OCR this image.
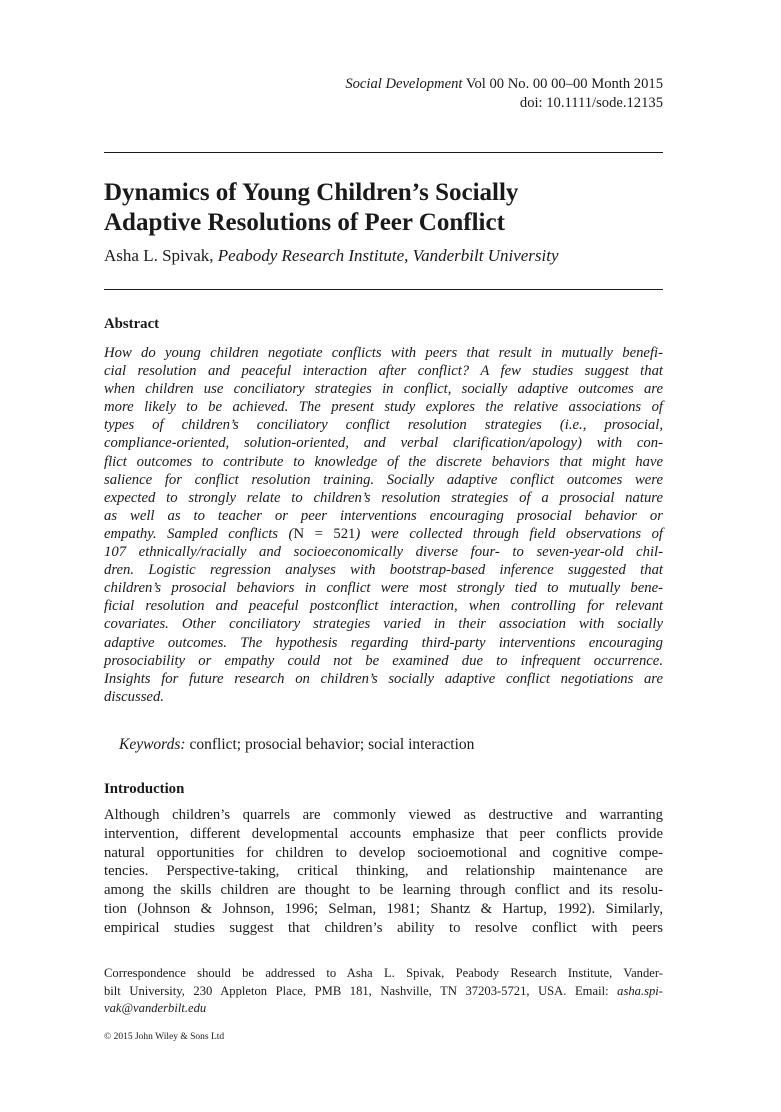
Social Development Vol 00 No. 00 00–00 Month 2015
doi: 10.1111/sode.12135
Dynamics of Young Children’s Socially
Adaptive Resolutions of Peer Conflict
Asha L. Spivak, Peabody Research Institute, Vanderbilt University
Abstract
How do young children negotiate conflicts with peers that result in mutually benefi-
cial resolution and peaceful interaction after conflict? A few studies suggest that
when children use conciliatory strategies in conflict, socially adaptive outcomes are
more likely to be achieved. The present study explores the relative associations of
types of children’s conciliatory conflict resolution strategies (i.e., prosocial,
compliance-oriented, solution-oriented, and verbal clarification/apology) with con-
flict outcomes to contribute to knowledge of the discrete behaviors that might have
salience for conflict resolution training. Socially adaptive conflict outcomes were
expected to strongly relate to children’s resolution strategies of a prosocial nature
as well as to teacher or peer interventions encouraging prosocial behavior or
empathy. Sampled conflicts (N = 521) were collected through field observations of
107 ethnically/racially and socioeconomically diverse four- to seven-year-old chil-
dren. Logistic regression analyses with bootstrap-based inference suggested that
children’s prosocial behaviors in conflict were most strongly tied to mutually bene-
ficial resolution and peaceful postconflict interaction, when controlling for relevant
covariates. Other conciliatory strategies varied in their association with socially
adaptive outcomes. The hypothesis regarding third-party interventions encouraging
prosociability or empathy could not be examined due to infrequent occurrence.
Insights for future research on children’s socially adaptive conflict negotiations are
discussed.
Keywords: conflict; prosocial behavior; social interaction
Introduction
Although children’s quarrels are commonly viewed as destructive and warranting
intervention, different developmental accounts emphasize that peer conflicts provide
natural opportunities for children to develop socioemotional and cognitive compe-
tencies. Perspective-taking, critical thinking, and relationship maintenance are
among the skills children are thought to be learning through conflict and its resolu-
tion (Johnson & Johnson, 1996; Selman, 1981; Shantz & Hartup, 1992). Similarly,
empirical studies suggest that children’s ability to resolve conflict with peers
Correspondence should be addressed to Asha L. Spivak, Peabody Research Institute, Vander-
bilt University, 230 Appleton Place, PMB 181, Nashville, TN 37203-5721, USA. Email: asha.spi-
vak@vanderbilt.edu
© 2015 John Wiley & Sons Ltd
